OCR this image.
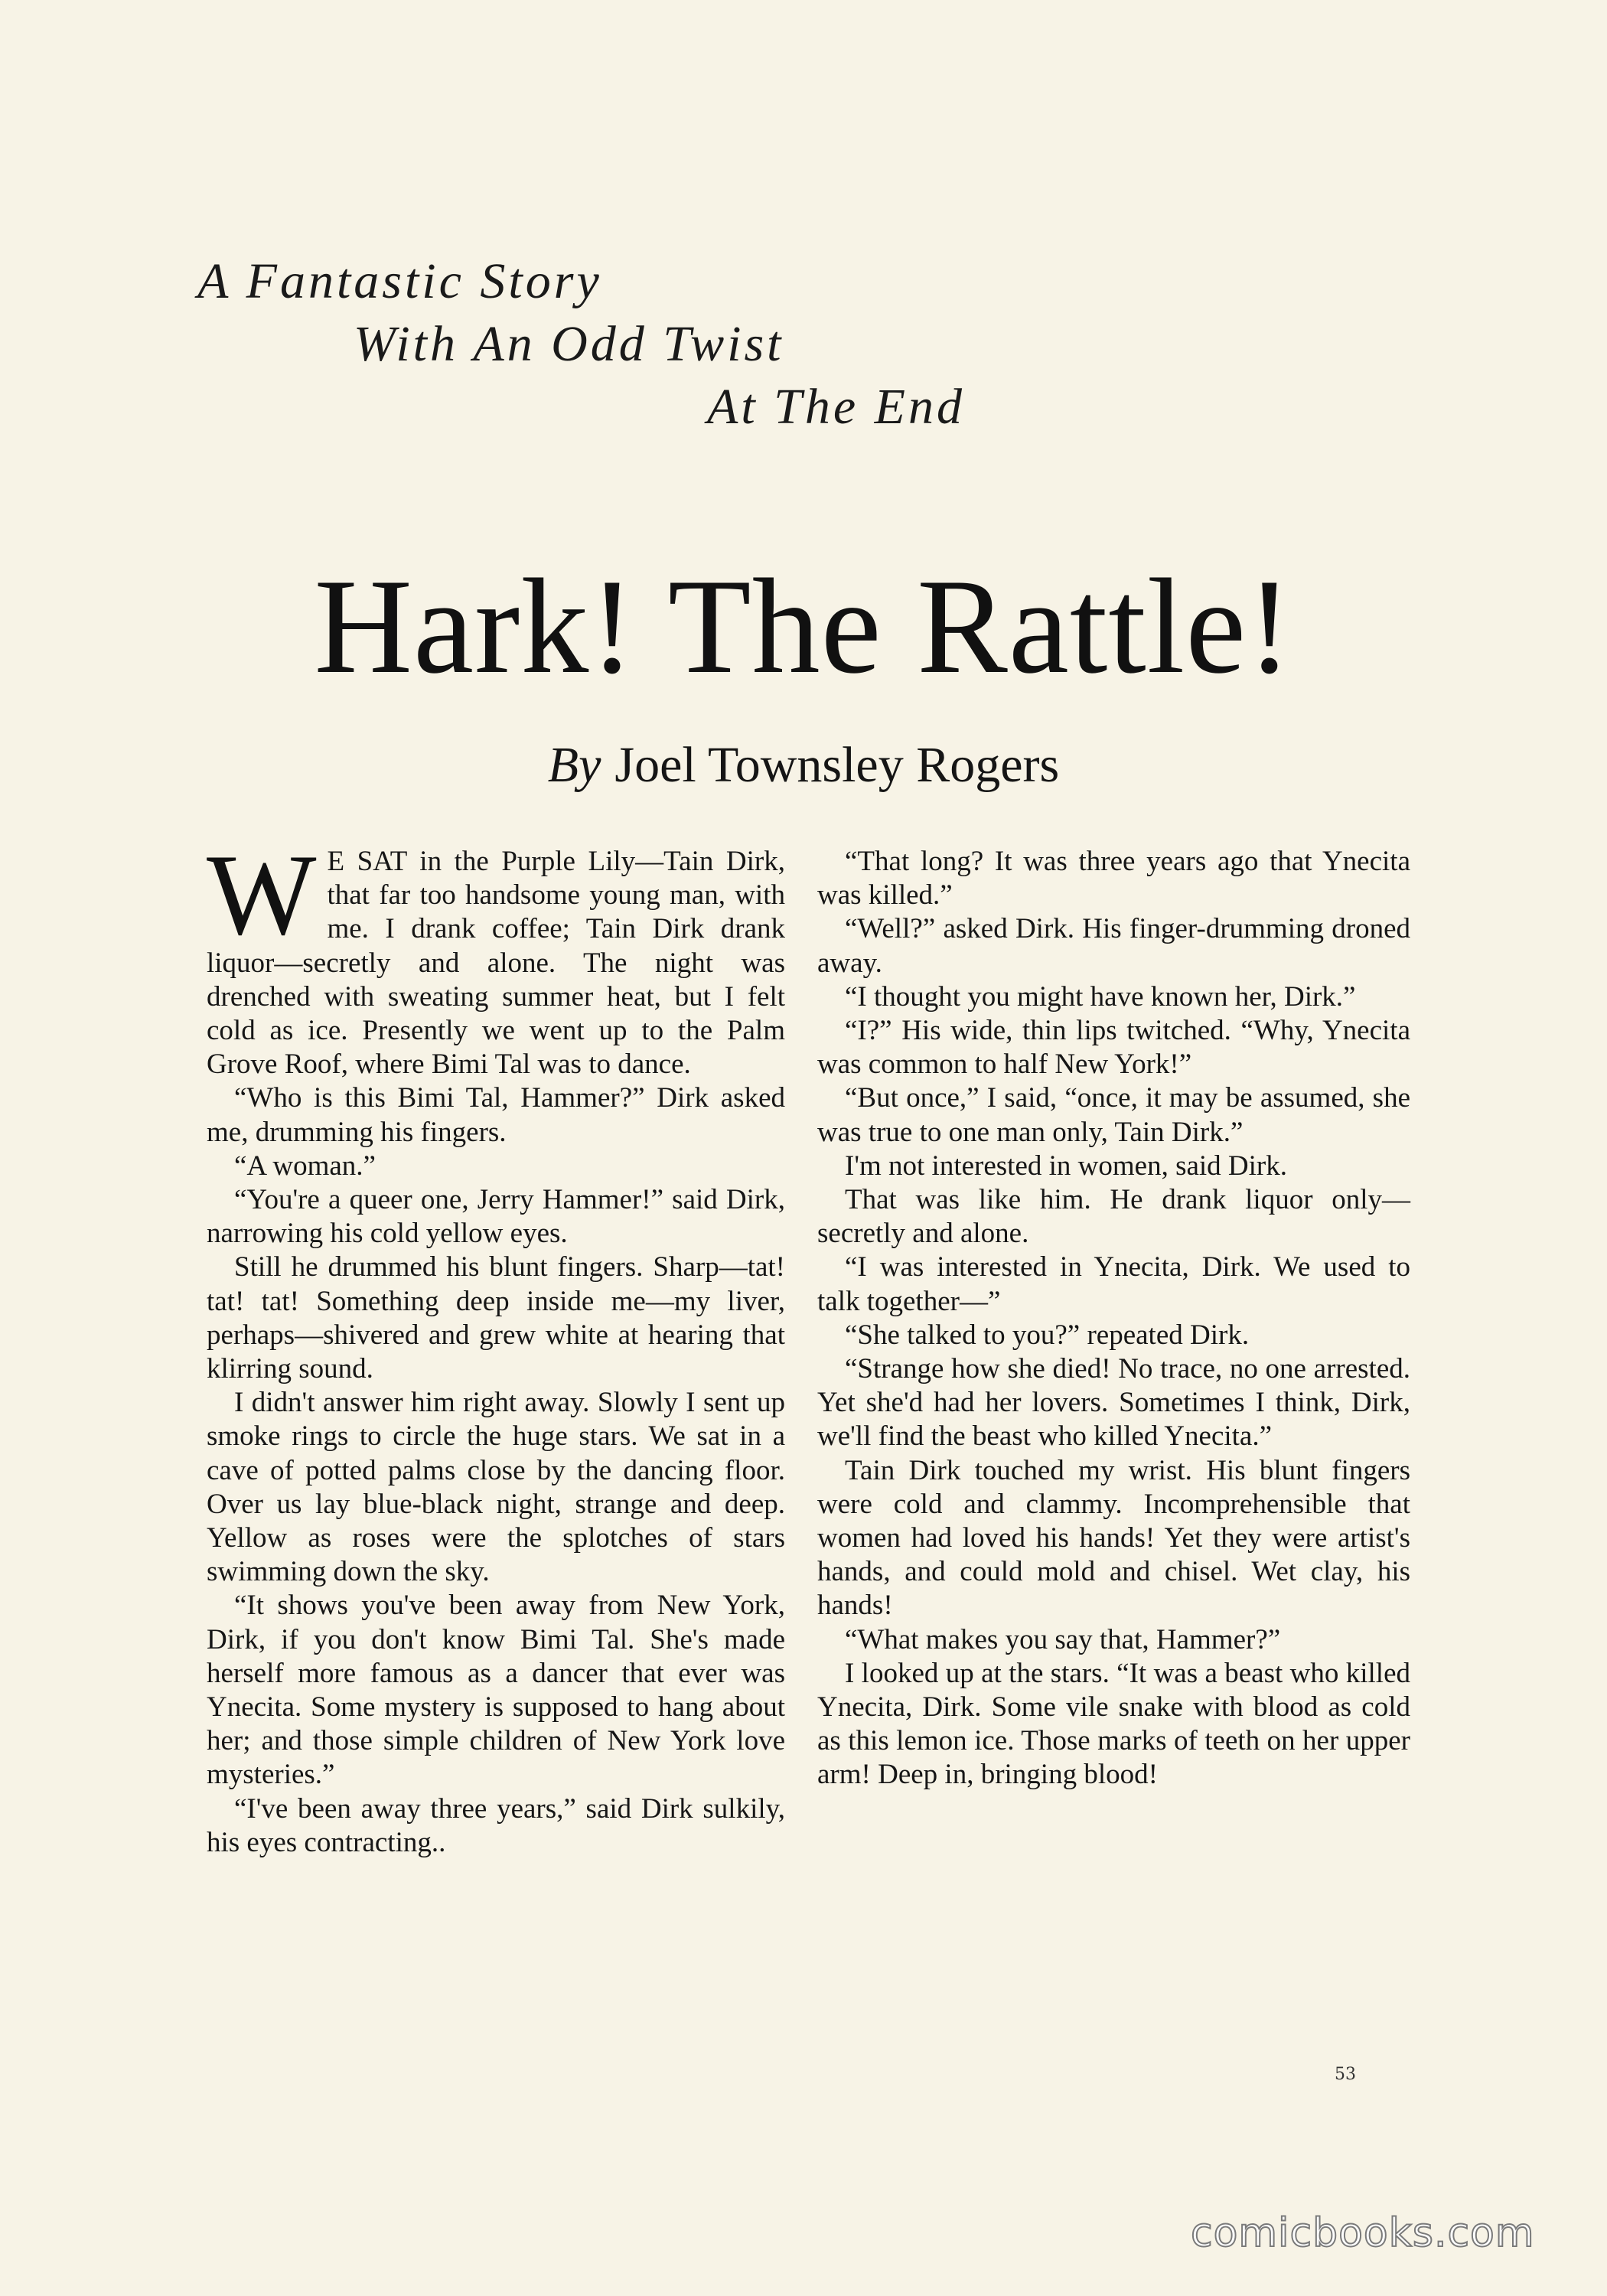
A Fantastic Story
With An Odd Twist
At The End
Hark! The Rattle!
By Joel Townsley Rogers

W E SAT in the Purple Lily—Tain Dirk, that far too handsome young man, with me. I drank coffee; Tain Dirk drank liquor—secretly and alone. The night was drenched with sweating summer heat, but I felt cold as ice. Presently we went up to the Palm Grove Roof, where Bimi Tal was to dance.

“Who is this Bimi Tal, Hammer?” Dirk asked me, drumming his fingers.

“A woman.”

“You're a queer one, Jerry Hammer!” said Dirk, narrowing his cold yellow eyes.

Still he drummed his blunt fingers. Sharp—tat! tat! tat! Something deep inside me—my liver, perhaps—shivered and grew white at hearing that klirring sound.

I didn't answer him right away. Slowly I sent up smoke rings to circle the huge stars. We sat in a cave of potted palms close by the dancing floor. Over us lay blue-black night, strange and deep. Yellow as roses were the splotches of stars swimming down the sky.

“It shows you've been away from New York, Dirk, if you don't know Bimi Tal. She's made herself more famous as a dancer that ever was Ynecita. Some mystery is supposed to hang about her; and those simple children of New York love mysteries.”

“I've been away three years,” said Dirk sulkily, his eyes contracting..

“That long? It was three years ago that Ynecita was killed.”

“Well?” asked Dirk. His finger-drumming droned away.

“I thought you might have known her, Dirk.”

“I?” His wide, thin lips twitched. “Why, Ynecita was common to half New York!”

“But once,” I said, “once, it may be assumed, she was true to one man only, Tain Dirk.”

I'm not interested in women, said Dirk.

That was like him. He drank liquor only—secretly and alone.

“I was interested in Ynecita, Dirk. We used to talk together—”

“She talked to you?” repeated Dirk.

“Strange how she died! No trace, no one arrested. Yet she'd had her lovers. Sometimes I think, Dirk, we'll find the beast who killed Ynecita.”

Tain Dirk touched my wrist. His blunt fingers were cold and clammy. Incomprehensible that women had loved his hands! Yet they were artist's hands, and could mold and chisel. Wet clay, his hands!

“What makes you say that, Hammer?”

I looked up at the stars. “It was a beast who killed Ynecita, Dirk. Some vile snake with blood as cold as this lemon ice. Those marks of teeth on her upper arm! Deep in, bringing blood!

53
comicbooks.com
